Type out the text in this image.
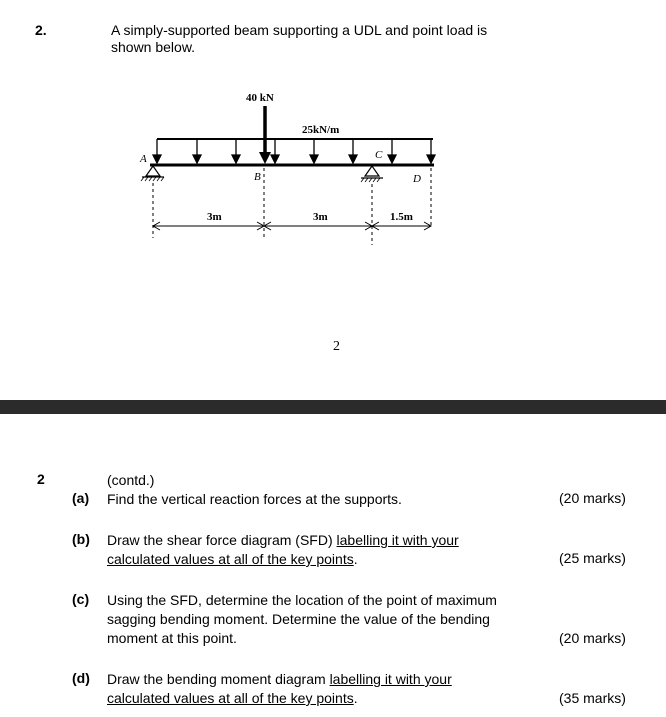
2.	A simply-supported beam supporting a UDL and point load is
shown below.
40 kN
25kN/m
A	C
B	D
3m	3m	1.5m
2
2	(contd.)
(a) Find the vertical reaction forces at the supports.	(20 marks)
(b) Draw the shear force diagram (SFD) labelling it with your
calculated values at all of the key points.	(25 marks)
(c) Using the SFD, determine the location of the point of maximum
sagging bending moment. Determine the value of the bending
moment at this point.	(20 marks)
(d) Draw the bending moment diagram labelling it with your
calculated values at all of the key points.	(35 marks)
